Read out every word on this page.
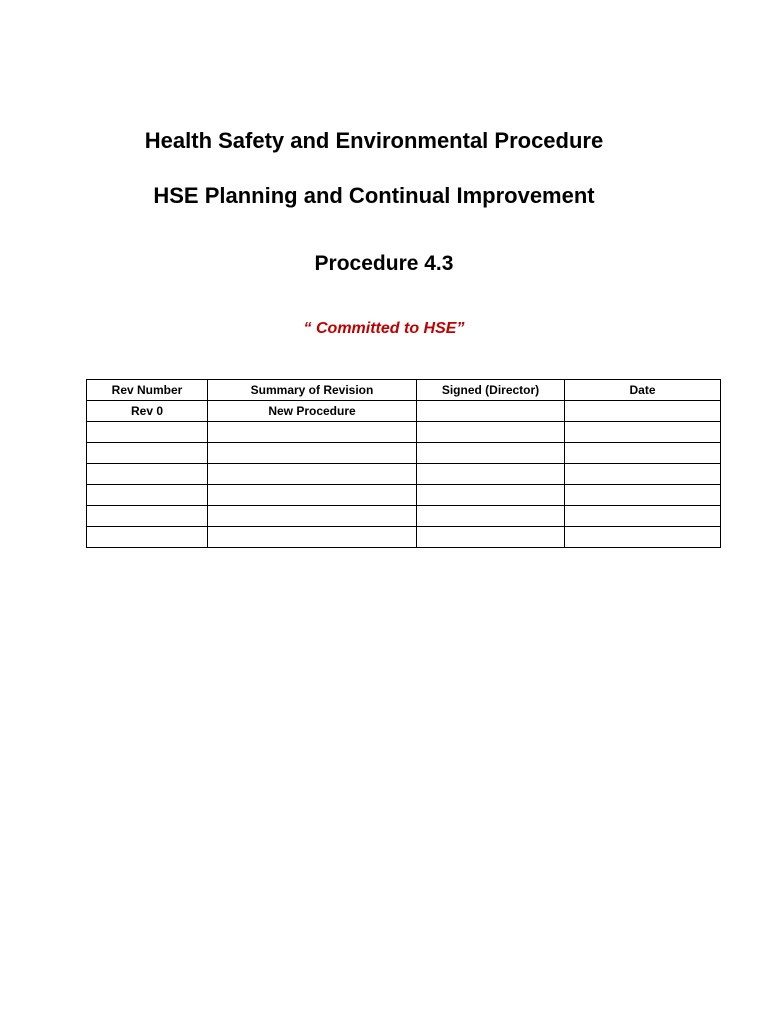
Health Safety and Environmental Procedure
HSE Planning and Continual Improvement
Procedure 4.3
“ Committed to HSE”
Rev Number	Summary of Revision	Signed (Director)	Date
Rev 0	New Procedure		
